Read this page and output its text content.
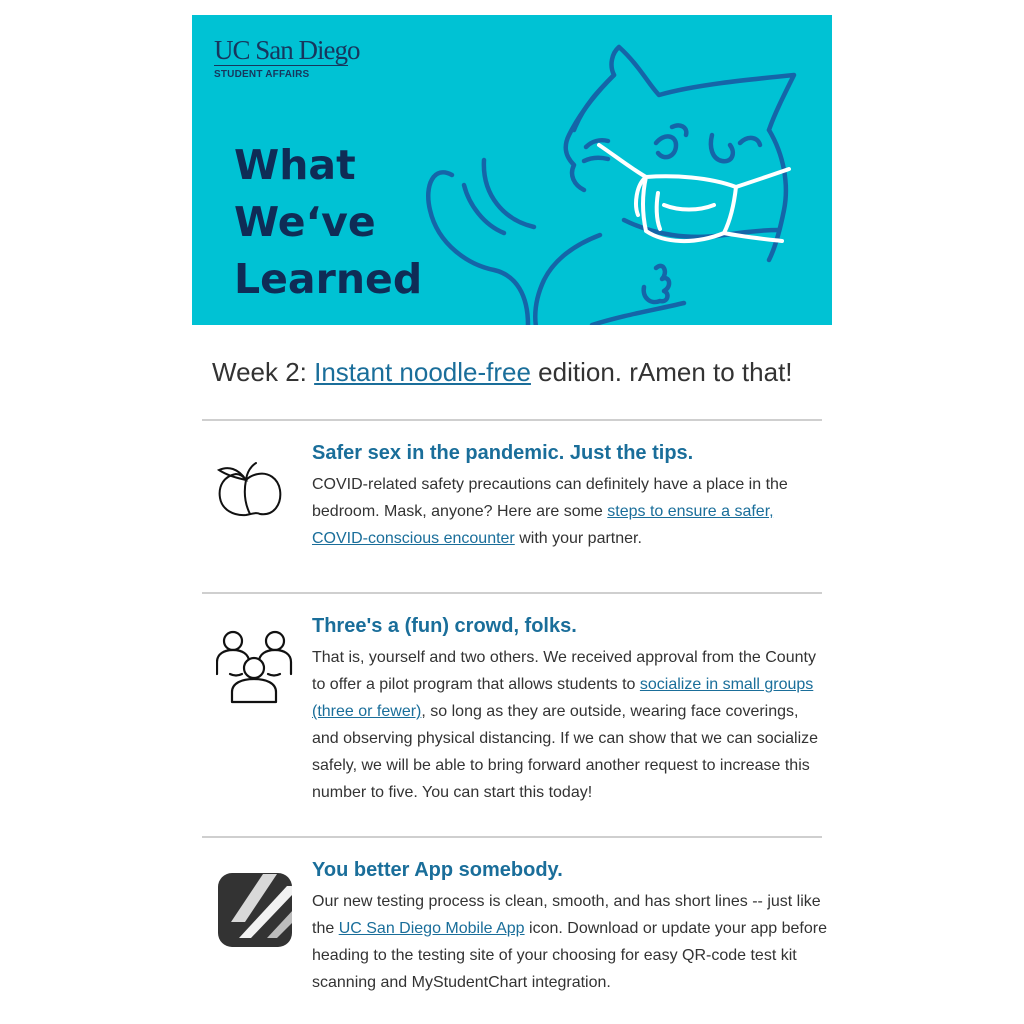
UC San Diego
STUDENT AFFAIRS
What
We‘ve
Learned
Week 2: Instant noodle-free edition. rAmen to that!
Safer sex in the pandemic. Just the tips.

COVID-related safety precautions can definitely have a place in the bedroom. Mask, anyone? Here are some steps to ensure a safer, COVID-conscious encounter with your partner.

Three's a (fun) crowd, folks.

That is, yourself and two others. We received approval from the County to offer a pilot program that allows students to socialize in small groups (three or fewer), so long as they are outside, wearing face coverings, and observing physical distancing. If we can show that we can socialize safely, we will be able to bring forward another request to increase this number to five. You can start this today!

You better App somebody.

Our new testing process is clean, smooth, and has short lines -- just like the UC San Diego Mobile App icon. Download or update your app before heading to the testing site of your choosing for easy QR-code test kit scanning and MyStudentChart integration.
